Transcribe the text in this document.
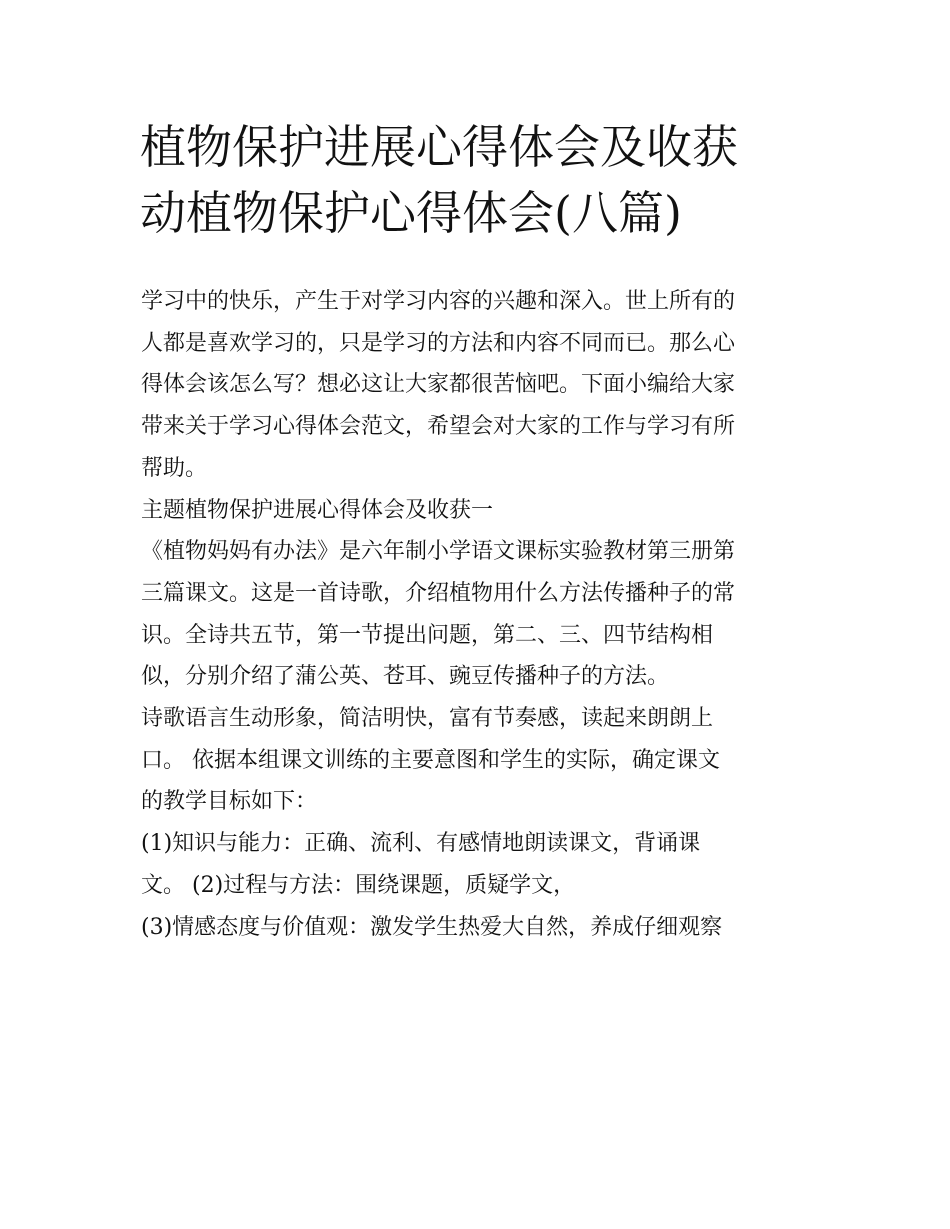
植物保护进展心得体会及收获
动植物保护心得体会(八篇)
学习中的快乐，产生于对学习内容的兴趣和深入。世上所有的
人都是喜欢学习的，只是学习的方法和内容不同而已。那么心
得体会该怎么写？想必这让大家都很苦恼吧。下面小编给大家
带来关于学习心得体会范文，希望会对大家的工作与学习有所
帮助。
主题植物保护进展心得体会及收获一
《植物妈妈有办法》是六年制小学语文课标实验教材第三册第
三篇课文。这是一首诗歌，介绍植物用什么方法传播种子的常
识。全诗共五节，第一节提出问题，第二、三、四节结构相
似，分别介绍了蒲公英、苍耳、豌豆传播种子的方法。
诗歌语言生动形象，简洁明快，富有节奏感，读起来朗朗上
口。 依据本组课文训练的主要意图和学生的实际，确定课文
的教学目标如下：
(1)知识与能力：正确、流利、有感情地朗读课文，背诵课
文。 (2)过程与方法：围绕课题，质疑学文，
(3)情感态度与价值观：激发学生热爱大自然，养成仔细观察
